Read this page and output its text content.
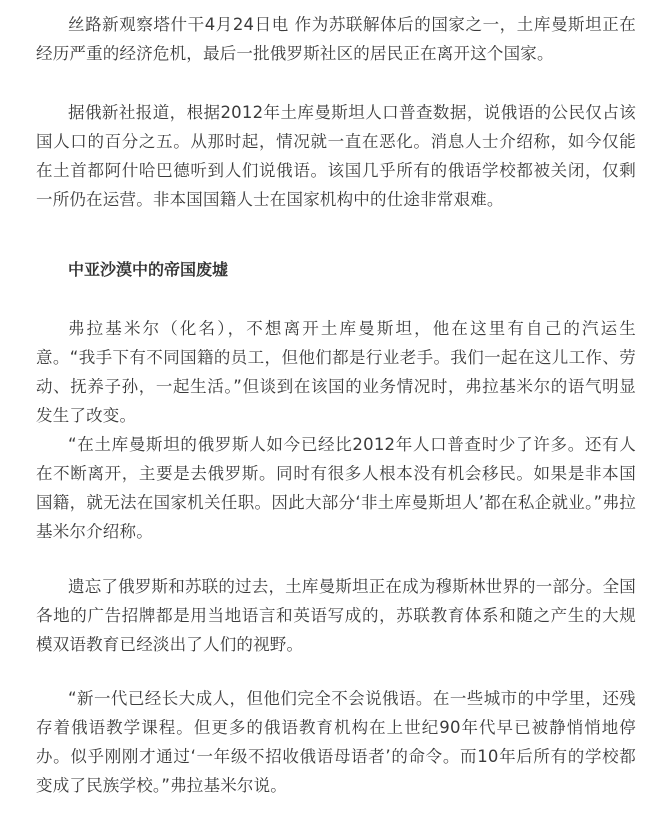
丝路新观察塔什干4月24日电 作为苏联解体后的国家之一，土库曼斯坦正在经历严重的经济危机，最后一批俄罗斯社区的居民正在离开这个国家。

据俄新社报道，根据2012年土库曼斯坦人口普查数据，说俄语的公民仅占该国人口的百分之五。从那时起，情况就一直在恶化。消息人士介绍称，如今仅能在土首都阿什哈巴德听到人们说俄语。该国几乎所有的俄语学校都被关闭，仅剩一所仍在运营。非本国国籍人士在国家机构中的仕途非常艰难。

中亚沙漠中的帝国废墟

弗拉基米尔（化名），不想离开土库曼斯坦，他在这里有自己的汽运生意。“我手下有不同国籍的员工，但他们都是行业老手。我们一起在这儿工作、劳动、抚养子孙，一起生活。”但谈到在该国的业务情况时，弗拉基米尔的语气明显发生了改变。

“在土库曼斯坦的俄罗斯人如今已经比2012年人口普查时少了许多。还有人在不断离开，主要是去俄罗斯。同时有很多人根本没有机会移民。如果是非本国国籍，就无法在国家机关任职。因此大部分‘非土库曼斯坦人’都在私企就业。”弗拉基米尔介绍称。

遗忘了俄罗斯和苏联的过去，土库曼斯坦正在成为穆斯林世界的一部分。全国各地的广告招牌都是用当地语言和英语写成的，苏联教育体系和随之产生的大规模双语教育已经淡出了人们的视野。

“新一代已经长大成人，但他们完全不会说俄语。在一些城市的中学里，还残存着俄语教学课程。但更多的俄语教育机构在上世纪90年代早已被静悄悄地停办。似乎刚刚才通过‘一年级不招收俄语母语者’的命令。而10年后所有的学校都变成了民族学校。”弗拉基米尔说。
